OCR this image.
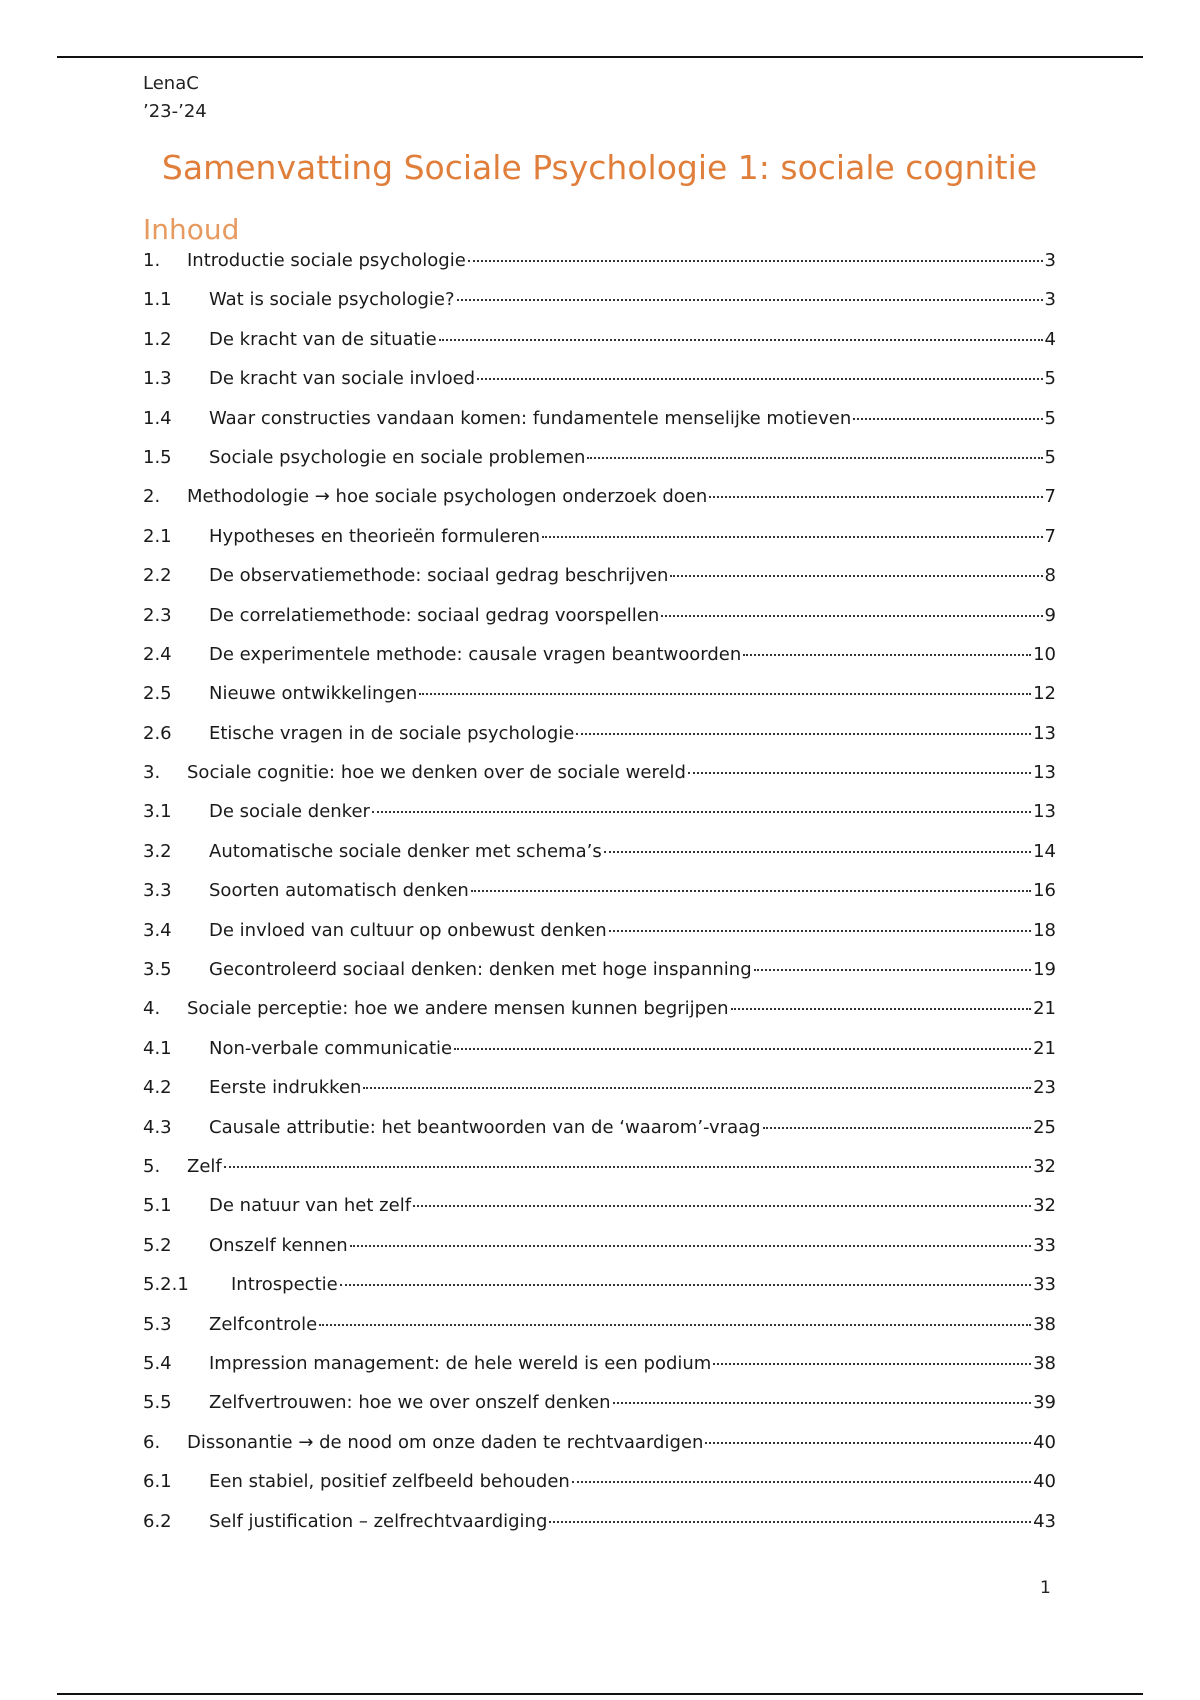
LenaC
’23-’24
Samenvatting Sociale Psychologie 1: sociale cognitie
Inhoud
1.	Introductie sociale psychologie	3
1.1	Wat is sociale psychologie?	3
1.2	De kracht van de situatie	4
1.3	De kracht van sociale invloed	5
1.4	Waar constructies vandaan komen: fundamentele menselijke motieven	5
1.5	Sociale psychologie en sociale problemen	5
2.	Methodologie → hoe sociale psychologen onderzoek doen	7
2.1	Hypotheses en theorieën formuleren	7
2.2	De observatiemethode: sociaal gedrag beschrijven	8
2.3	De correlatiemethode: sociaal gedrag voorspellen	9
2.4	De experimentele methode: causale vragen beantwoorden	10
2.5	Nieuwe ontwikkelingen	12
2.6	Etische vragen in de sociale psychologie	13
3.	Sociale cognitie: hoe we denken over de sociale wereld	13
3.1	De sociale denker	13
3.2	Automatische sociale denker met schema’s	14
3.3	Soorten automatisch denken	16
3.4	De invloed van cultuur op onbewust denken	18
3.5	Gecontroleerd sociaal denken: denken met hoge inspanning	19
4.	Sociale perceptie: hoe we andere mensen kunnen begrijpen	21
4.1	Non-verbale communicatie	21
4.2	Eerste indrukken	23
4.3	Causale attributie: het beantwoorden van de ‘waarom’-vraag	25
5.	Zelf	32
5.1	De natuur van het zelf	32
5.2	Onszelf kennen	33
5.2.1	Introspectie	33
5.3	Zelfcontrole	38
5.4	Impression management: de hele wereld is een podium	38
5.5	Zelfvertrouwen: hoe we over onszelf denken	39
6.	Dissonantie → de nood om onze daden te rechtvaardigen	40
6.1	Een stabiel, positief zelfbeeld behouden	40
6.2	Self justification – zelfrechtvaardiging	43
1
